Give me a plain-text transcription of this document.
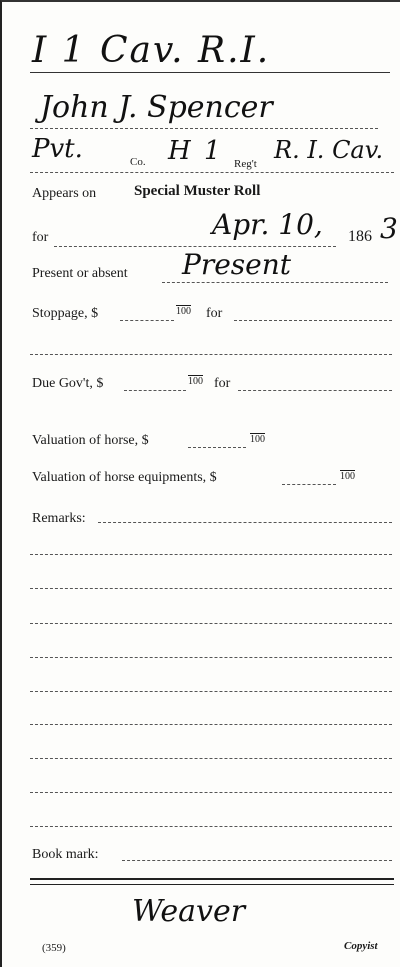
I 1 Cav. R.I.
John J. Spencer
Pvt.	Co. H 1 Reg't R. I. Cav.
Appears on	Special Muster Roll
for	Apr. 10, 186 3
Present or absent Present
Stoppage, $	100 for
Due Gov't, $	100 for
Valuation of horse, $	100
Valuation of horse equipments, $	100
Remarks:
Book mark:
Weaver
(359)	Copyist
